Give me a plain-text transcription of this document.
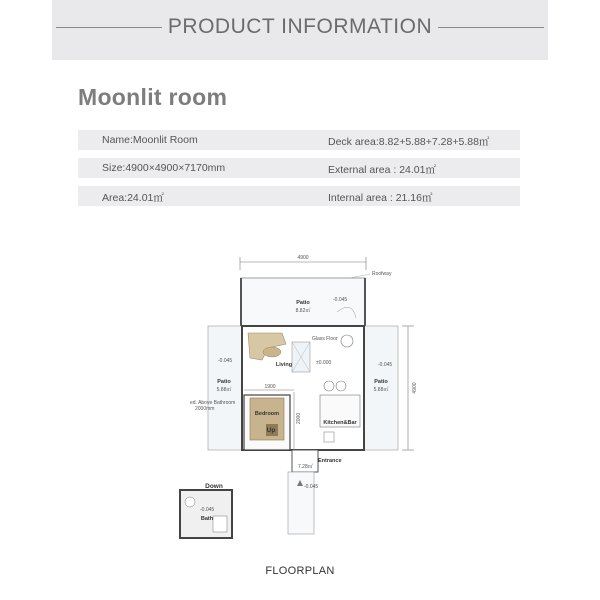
PRODUCT INFORMATION
Moonlit room
Name:Moonlit Room	Deck area:8.82+5.88+7.28+5.88㎡
Size:4900×4900×7170mm	External area : 24.01㎡
Area:24.01㎡	Internal area : 21.16㎡
4900
Roofway
Patio
8.82㎡
-0.045
Patio
5.88㎡
Patio
5.88㎡
-0.045
-0.045
Living
Glass Floor
±0.000
1900
2000
Bedroom
Up
ed. Above Bathroom
2000mm
Kitchen&Bar
4900
Entrance
7.28㎡
-0.045
Down
-0.045
Bath
FLOORPLAN
